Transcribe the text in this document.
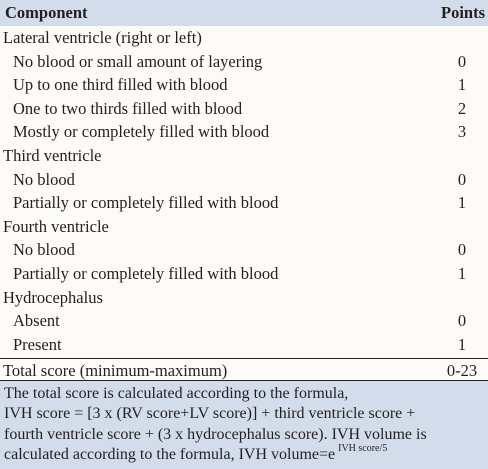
Component	Points
Lateral ventricle (right or left)
No blood or small amount of layering	0
Up to one third filled with blood	1
One to two thirds filled with blood	2
Mostly or completely filled with blood	3
Third ventricle
No blood	0
Partially or completely filled with blood	1
Fourth ventricle
No blood	0
Partially or completely filled with blood	1
Hydrocephalus
Absent	0
Present	1
Total score (minimum-maximum)	0-23
The total score is calculated according to the formula,
IVH score = [3 x (RV score+LV score)] + third ventricle score +
fourth ventricle score + (3 x hydrocephalus score). IVH volume is
calculated according to the formula, IVH volume=e $^{IVH score/5}$
